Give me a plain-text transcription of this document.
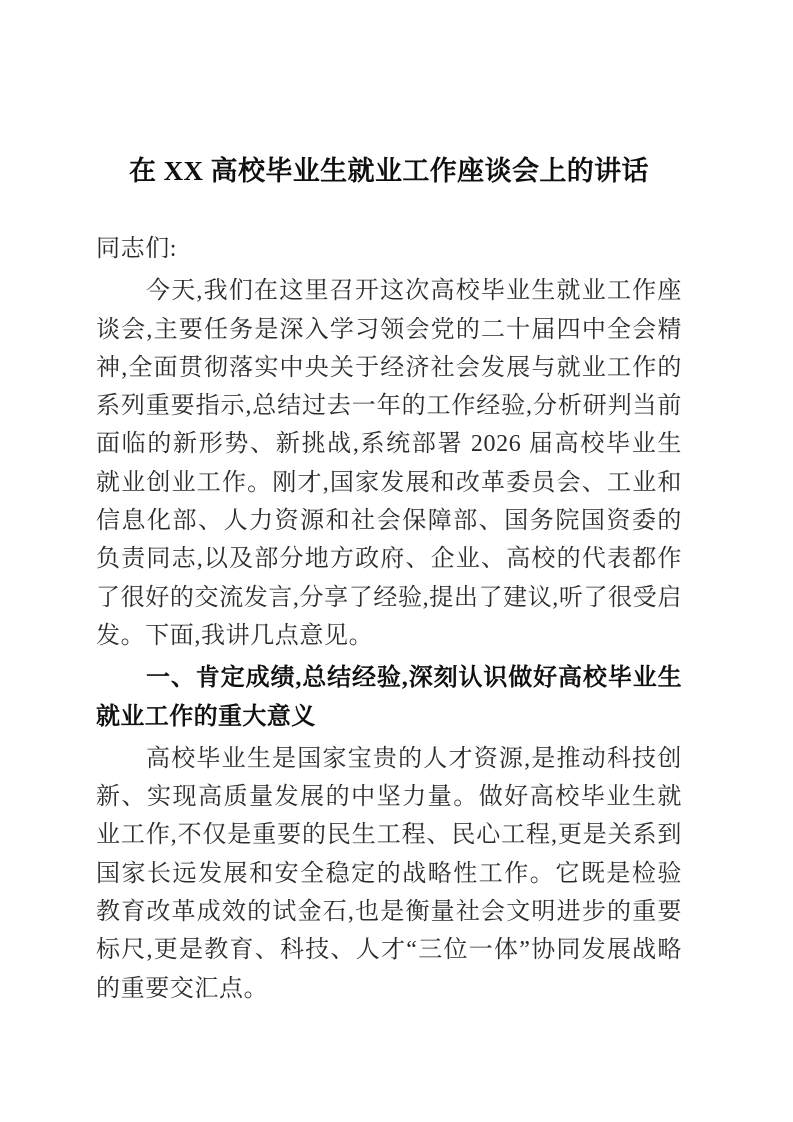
在 XX 高校毕业生就业工作座谈会上的讲话

同志们:

今天,我们在这里召开这次高校毕业生就业工作座谈会,主要任务是深入学习领会党的二十届四中全会精神,全面贯彻落实中央关于经济社会发展与就业工作的系列重要指示,总结过去一年的工作经验,分析研判当前面临的新形势、新挑战,系统部署 2026 届高校毕业生就业创业工作。刚才,国家发展和改革委员会、工业和信息化部、人力资源和社会保障部、国务院国资委的负责同志,以及部分地方政府、企业、高校的代表都作了很好的交流发言,分享了经验,提出了建议,听了很受启发。下面,我讲几点意见。

一、肯定成绩,总结经验,深刻认识做好高校毕业生就业工作的重大意义

高校毕业生是国家宝贵的人才资源,是推动科技创新、实现高质量发展的中坚力量。做好高校毕业生就业工作,不仅是重要的民生工程、民心工程,更是关系到国家长远发展和安全稳定的战略性工作。它既是检验教育改革成效的试金石,也是衡量社会文明进步的重要标尺,更是教育、科技、人才“三位一体”协同发展战略的重要交汇点。
